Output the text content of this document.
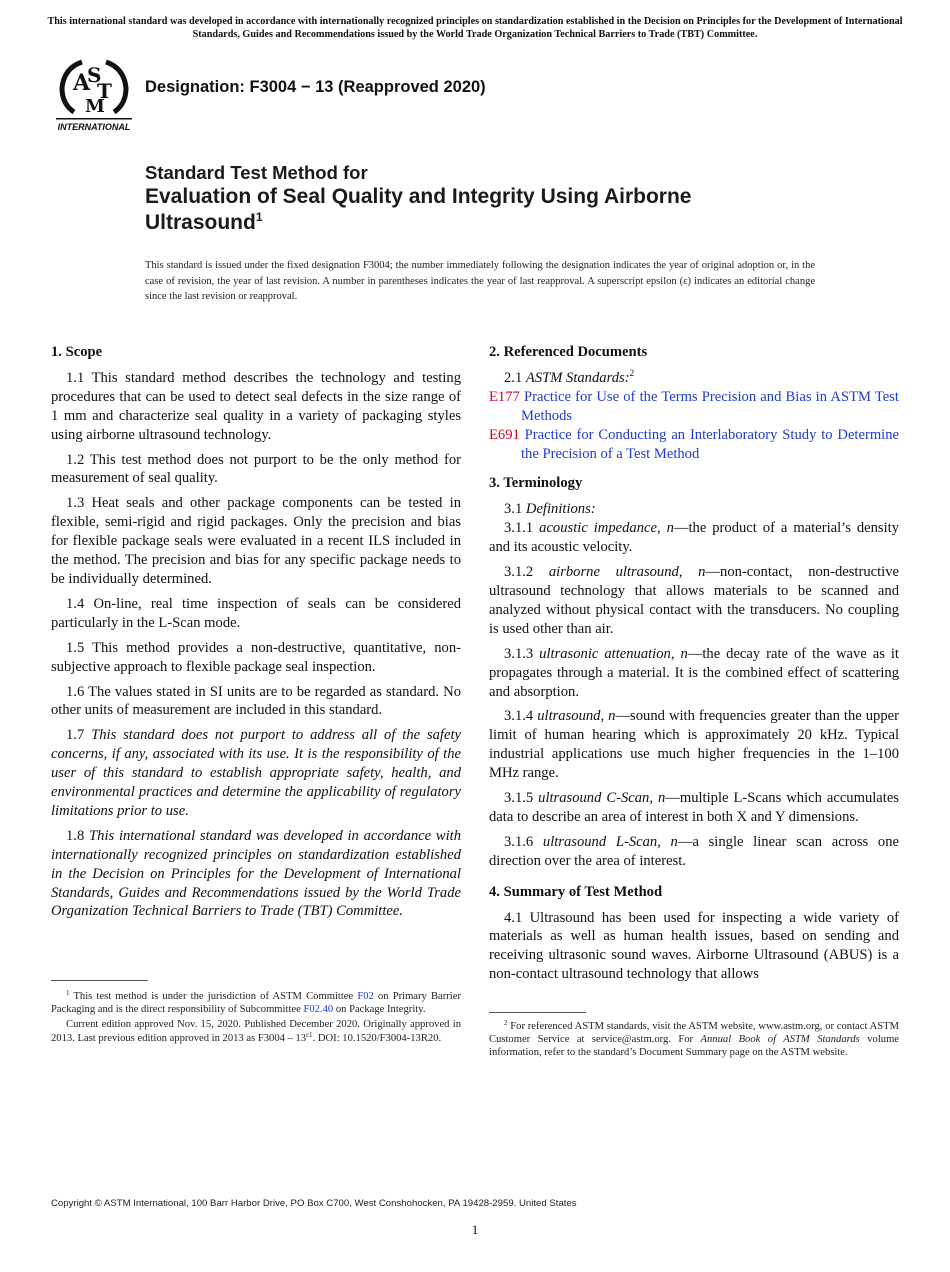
This international standard was developed in accordance with internationally recognized principles on standardization established in the Decision on Principles for the Development of International Standards, Guides and Recommendations issued by the World Trade Organization Technical Barriers to Trade (TBT) Committee.
A
S
T
M
INTERNATIONAL
Designation: F3004 − 13 (Reapproved 2020)
Standard Test Method for
Evaluation of Seal Quality and Integrity Using Airborne
Ultrasound$^1$
This standard is issued under the fixed designation F3004; the number immediately following the designation indicates the year of original adoption or, in the case of revision, the year of last revision. A number in parentheses indicates the year of last reapproval. A superscript epsilon (ε) indicates an editorial change since the last revision or reapproval.
1. Scope

1.1 This standard method describes the technology and testing procedures that can be used to detect seal defects in the size range of 1 mm and characterize seal quality in a variety of packaging styles using airborne ultrasound technology.

1.2 This test method does not purport to be the only method for measurement of seal quality.

1.3 Heat seals and other package components can be tested in flexible, semi-rigid and rigid packages. Only the precision and bias for flexible package seals were evaluated in a recent ILS included in the method. The precision and bias for any specific package needs to be individually determined.

1.4 On-line, real time inspection of seals can be considered particularly in the L-Scan mode.

1.5 This method provides a non-destructive, quantitative, non-subjective approach to flexible package seal inspection.

1.6 The values stated in SI units are to be regarded as standard. No other units of measurement are included in this standard.

1.7 This standard does not purport to address all of the safety concerns, if any, associated with its use. It is the responsibility of the user of this standard to establish appropriate safety, health, and environmental practices and determine the applicability of regulatory limitations prior to use.

1.8 This international standard was developed in accordance with internationally recognized principles on standardization established in the Decision on Principles for the Development of International Standards, Guides and Recommendations issued by the World Trade Organization Technical Barriers to Trade (TBT) Committee.

$^1$ This test method is under the jurisdiction of ASTM Committee F02 on Primary Barrier Packaging and is the direct responsibility of Subcommittee F02.40 on Package Integrity.

Current edition approved Nov. 15, 2020. Published December 2020. Originally approved in 2013. Last previous edition approved in 2013 as $F3004 - 13^{\varepsilon 1}$. DOI: 10.1520/F3004-13R20.

2. Referenced Documents

2.1 ASTM Standards:$^2$

E177 Practice for Use of the Terms Precision and Bias in ASTM Test Methods
E691 Practice for Conducting an Interlaboratory Study to Determine the Precision of a Test Method
3. Terminology

3.1 Definitions:

3.1.1 acoustic impedance, n—the product of a material’s density and its acoustic velocity.

3.1.2 airborne ultrasound, n—non-contact, non-destructive ultrasound technology that allows materials to be scanned and analyzed without physical contact with the transducers. No coupling is used other than air.

3.1.3 ultrasonic attenuation, n—the decay rate of the wave as it propagates through a material. It is the combined effect of scattering and absorption.

3.1.4 ultrasound, n—sound with frequencies greater than the upper limit of human hearing which is approximately 20 kHz. Typical industrial applications use much higher frequencies in the 1–100 MHz range.

3.1.5 ultrasound C-Scan, n—multiple L-Scans which accumulates data to describe an area of interest in both X and Y dimensions.

3.1.6 ultrasound L-Scan, n—a single linear scan across one direction over the area of interest.

4. Summary of Test Method

4.1 Ultrasound has been used for inspecting a wide variety of materials as well as human health issues, based on sending and receiving ultrasonic sound waves. Airborne Ultrasound (ABUS) is a non-contact ultrasound technology that allows

$^2$ For referenced ASTM standards, visit the ASTM website, www.astm.org, or contact ASTM Customer Service at service@astm.org. For Annual Book of ASTM Standards volume information, refer to the standard’s Document Summary page on the ASTM website.

Copyright © ASTM International, 100 Barr Harbor Drive, PO Box C700, West Conshohocken, PA 19428-2959. United States
1
